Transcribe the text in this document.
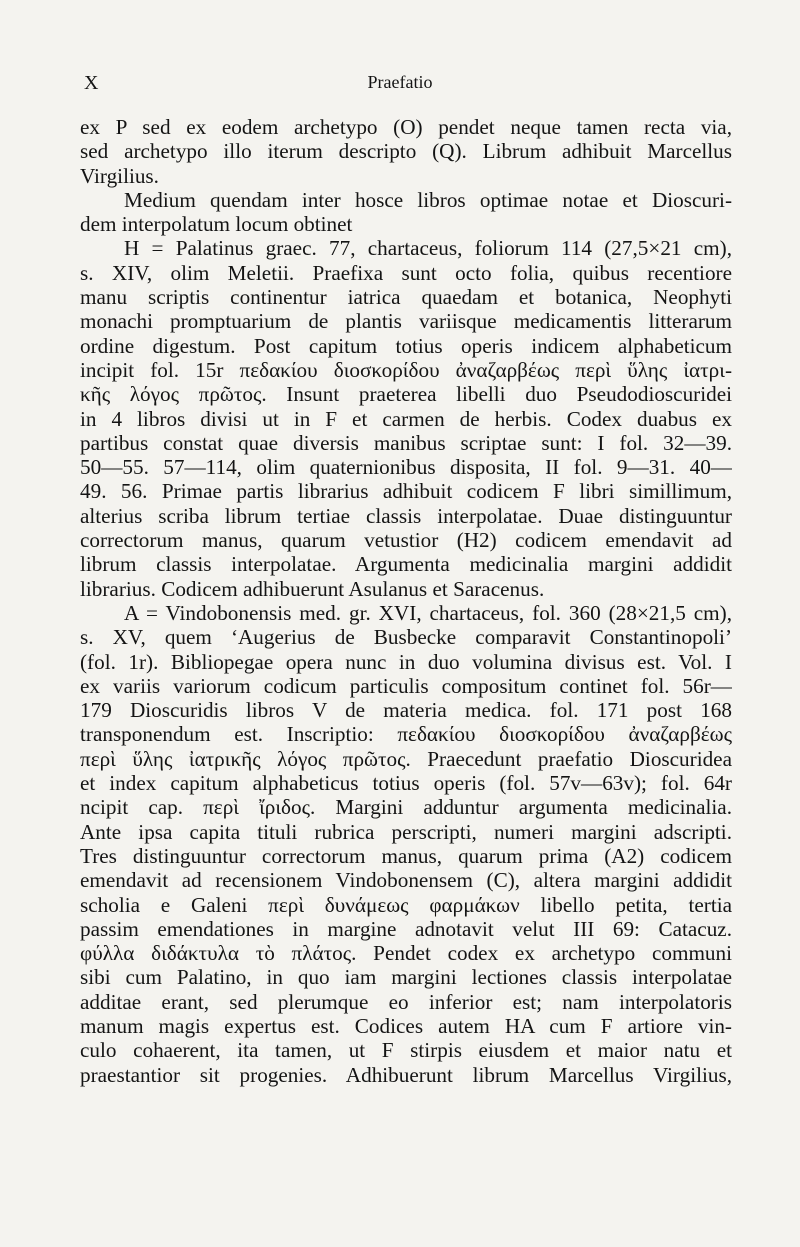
X	Praefatio
ex P sed ex eodem archetypo (O) pendet neque tamen recta via,
sed archetypo illo iterum descripto (Q). Librum adhibuit Marcellus
Virgilius.
Medium quendam inter hosce libros optimae notae et Dioscuri-
dem interpolatum locum obtinet
H = Palatinus graec. 77, chartaceus, foliorum 114 (27,5×21 cm),
s. XIV, olim Meletii. Praefixa sunt octo folia, quibus recentiore
manu scriptis continentur iatrica quaedam et botanica, Neophyti
monachi promptuarium de plantis variisque medicamentis litterarum
ordine digestum. Post capitum totius operis indicem alphabeticum
incipit fol. 15r πεδακίου διοσκορίδου ἀναζαρβέως περὶ ὕλης ἰατρι-
κῆς λόγος πρῶτος. Insunt praeterea libelli duo Pseudodioscuridei
in 4 libros divisi ut in F et carmen de herbis. Codex duabus ex
partibus constat quae diversis manibus scriptae sunt: I fol. 32—39.
50—55. 57—114, olim quaternionibus disposita, II fol. 9—31. 40—
49. 56. Primae partis librarius adhibuit codicem F libri simillimum,
alterius scriba librum tertiae classis interpolatae. Duae distinguuntur
correctorum manus, quarum vetustior (H2) codicem emendavit ad
librum classis interpolatae. Argumenta medicinalia margini addidit
librarius. Codicem adhibuerunt Asulanus et Saracenus.
A = Vindobonensis med. gr. XVI, chartaceus, fol. 360 (28×21,5 cm),
s. XV, quem ʻAugerius de Busbecke comparavit Constantinopoliʼ
(fol. 1r). Bibliopegae opera nunc in duo volumina divisus est. Vol. I
ex variis variorum codicum particulis compositum continet fol. 56r—
179 Dioscuridis libros V de materia medica. fol. 171 post 168
transponendum est. Inscriptio: πεδακίου διοσκορίδου ἀναζαρβέως
περὶ ὕλης ἰατρικῆς λόγος πρῶτος. Praecedunt praefatio Dioscuridea
et index capitum alphabeticus totius operis (fol. 57v—63v); fol. 64r
ncipit cap. περὶ ἴριδος. Margini adduntur argumenta medicinalia.
Ante ipsa capita tituli rubrica perscripti, numeri margini adscripti.
Tres distinguuntur correctorum manus, quarum prima (A2) codicem
emendavit ad recensionem Vindobonensem (C), altera margini addidit
scholia e Galeni περὶ δυνάμεως φαρμάκων libello petita, tertia
passim emendationes in margine adnotavit velut III 69: Catacuz.
φύλλα διδάκτυλα τὸ πλάτος. Pendet codex ex archetypo communi
sibi cum Palatino, in quo iam margini lectiones classis interpolatae
additae erant, sed plerumque eo inferior est; nam interpolatoris
manum magis expertus est. Codices autem HA cum F artiore vin-
culo cohaerent, ita tamen, ut F stirpis eiusdem et maior natu et
praestantior sit progenies. Adhibuerunt librum Marcellus Virgilius,
